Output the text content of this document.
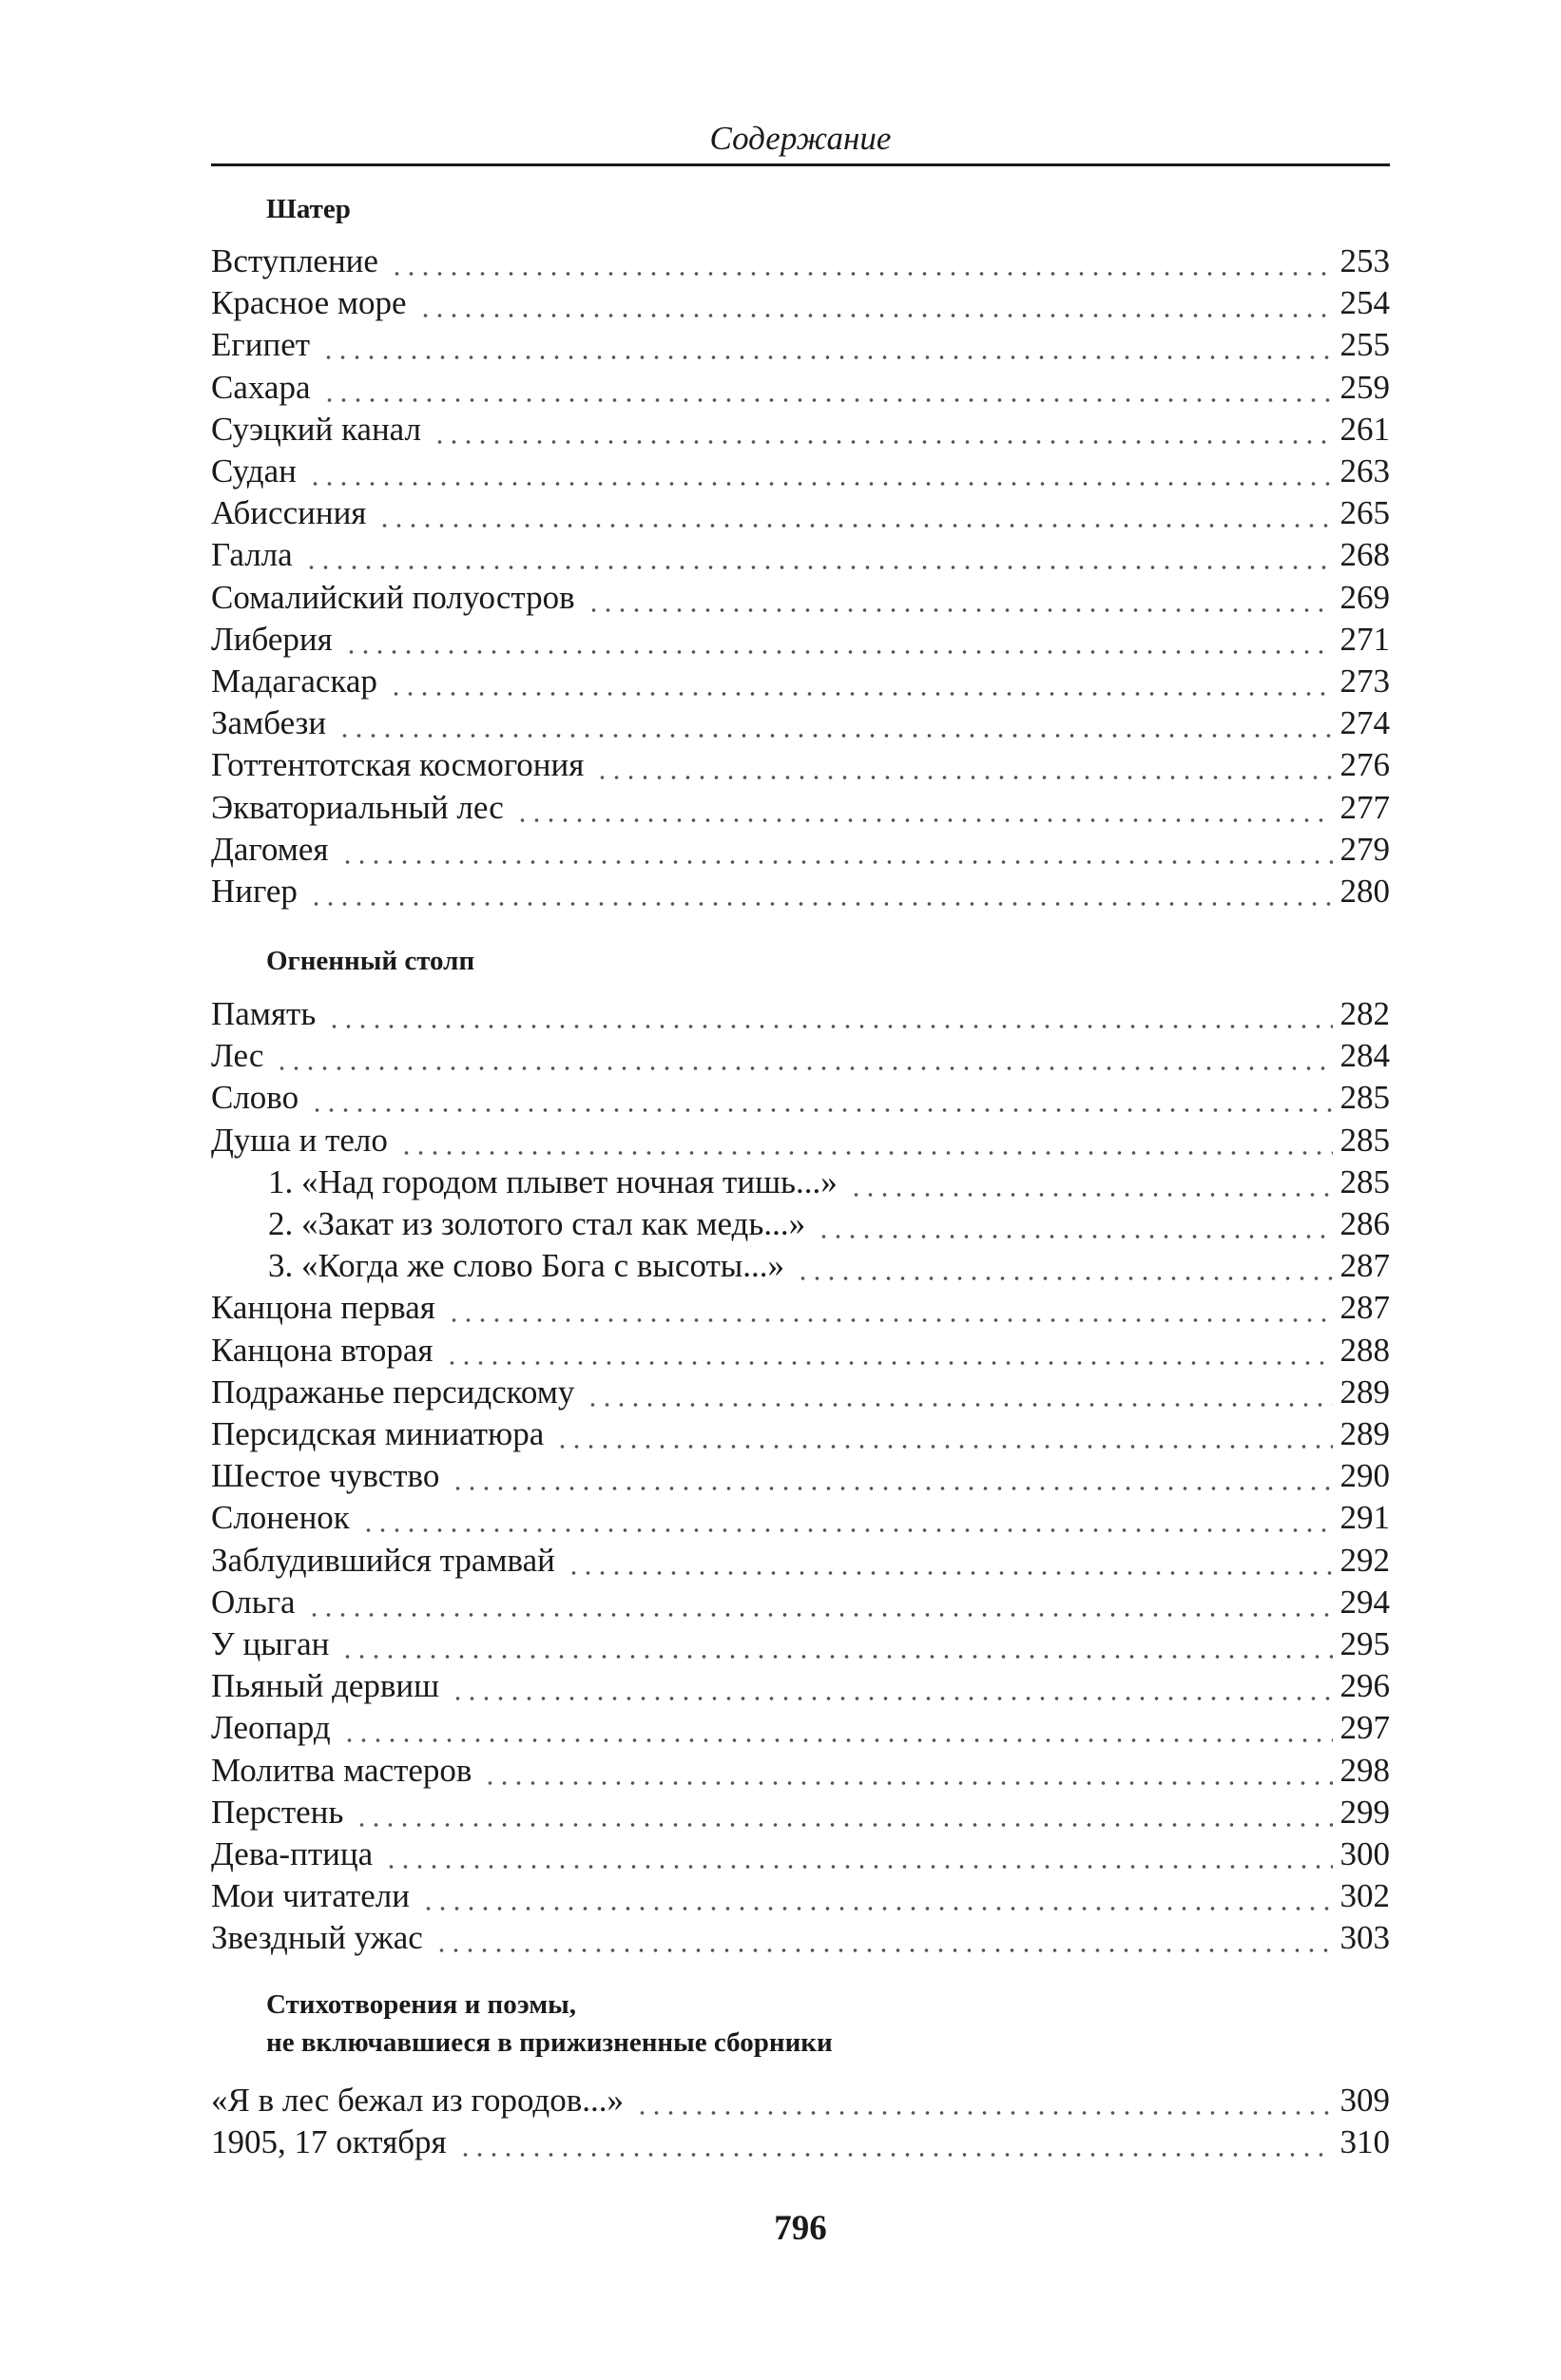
Содержание
Шатер
Вступление	253
Красное море	254
Египет	255
Сахара	259
Суэцкий канал	261
Судан	263
Абиссиния	265
Галла	268
Сомалийский полуостров	269
Либерия	271
Мадагаскар	273
Замбези	274
Готтентотская космогония	276
Экваториальный лес	277
Дагомея	279
Нигер	280
Огненный столп
Память	282
Лес	284
Слово	285
Душа и тело	285
1. «Над городом плывет ночная тишь...»	285
2. «Закат из золотого стал как медь...»	286
3. «Когда же слово Бога с высоты...»	287
Канцона первая	287
Канцона вторая	288
Подражанье персидскому	289
Персидская миниатюра	289
Шестое чувство	290
Слоненок	291
Заблудившийся трамвай	292
Ольга	294
У цыган	295
Пьяный дервиш	296
Леопард	297
Молитва мастеров	298
Перстень	299
Дева-птица	300
Мои читатели	302
Звездный ужас	303
Стихотворения и поэмы,
не включавшиеся в прижизненные сборники
«Я в лес бежал из городов...»	309
1905, 17 октября	310
796
